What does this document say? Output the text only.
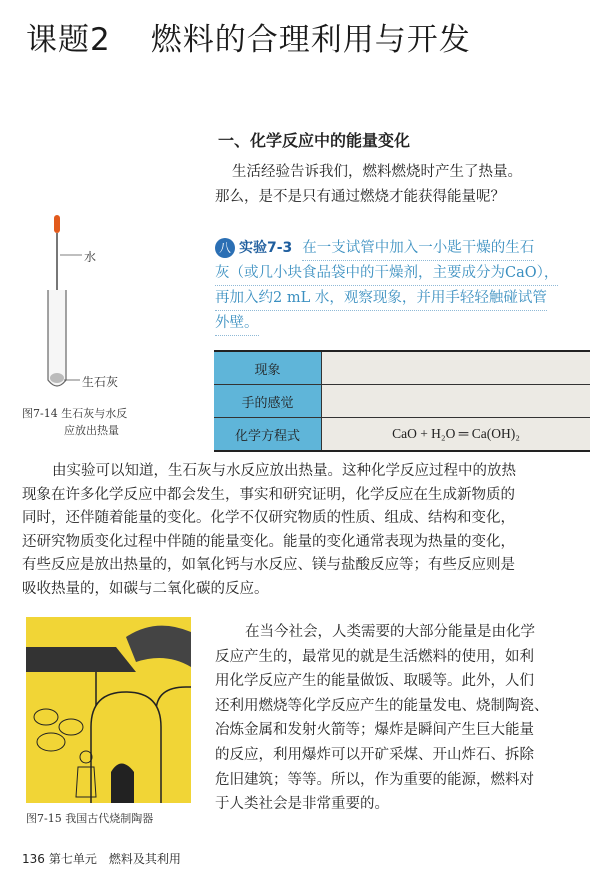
课题2 燃料的合理利用与开发
一、化学反应中的能量变化
生活经验告诉我们，燃料燃烧时产生了热量。
那么，是不是只有通过燃烧才能获得能量呢？
水
生石灰
图7-14 生石灰与水反
应放出热量
八 实验7-3 在一支试管中加入一小匙干燥的生石
灰（或几小块食品袋中的干燥剂，主要成分为CaO），
再加入约2 mL 水，观察现象，并用手轻轻触碰试管
外壁。
现象	
手的感觉	
化学方程式	CaO + H₂O ═ Ca(OH)₂
由实验可以知道，生石灰与水反应放出热量。这种化学反应过程中的放热
现象在许多化学反应中都会发生，事实和研究证明，化学反应在生成新物质的
同时，还伴随着能量的变化。化学不仅研究物质的性质、组成、结构和变化，
还研究物质变化过程中伴随的能量变化。能量的变化通常表现为热量的变化，
有些反应是放出热量的，如氧化钙与水反应、镁与盐酸反应等；有些反应则是
吸收热量的，如碳与二氧化碳的反应。
图7-15 我国古代烧制陶器
在当今社会，人类需要的大部分能量是由化学
反应产生的，最常见的就是生活燃料的使用，如利
用化学反应产生的能量做饭、取暖等。此外，人们
还利用燃烧等化学反应产生的能量发电、烧制陶瓷、
冶炼金属和发射火箭等；爆炸是瞬间产生巨大能量
的反应，利用爆炸可以开矿采煤、开山炸石、拆除
危旧建筑；等等。所以，作为重要的能源，燃料对
于人类社会是非常重要的。
136 第七单元　燃料及其利用
